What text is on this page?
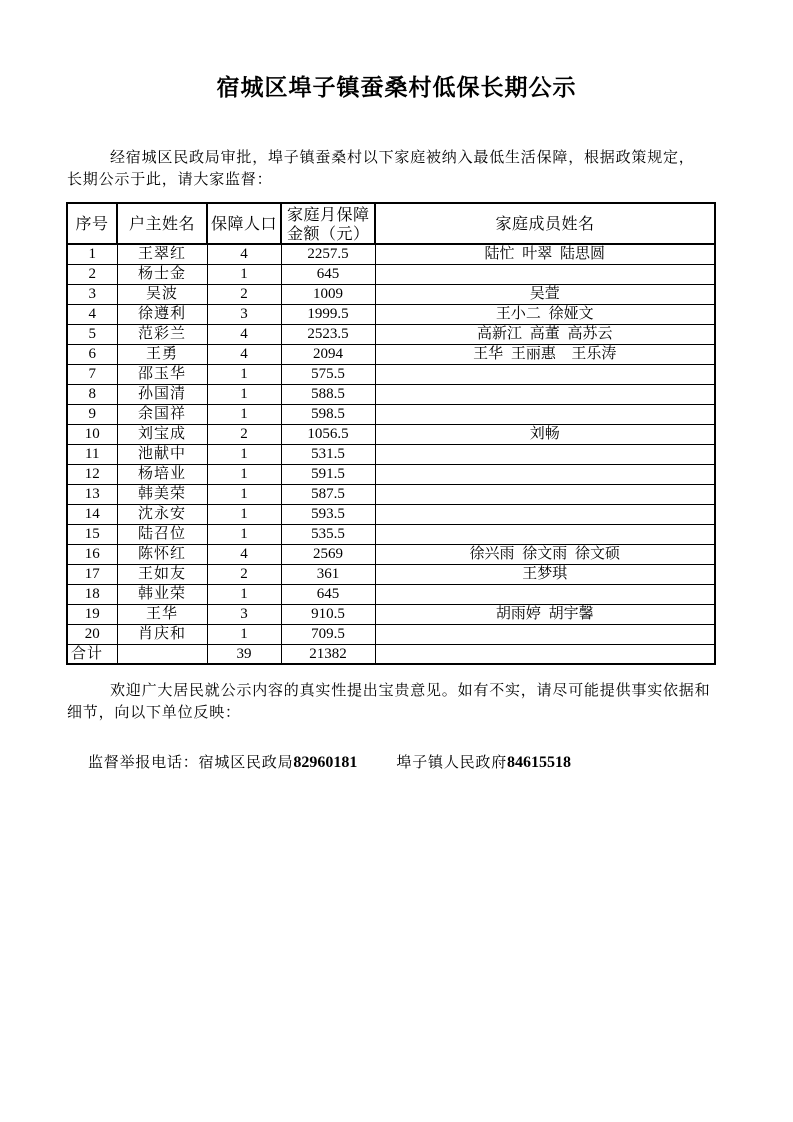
宿城区埠子镇蚕桑村低保长期公示
经宿城区民政局审批，埠子镇蚕桑村以下家庭被纳入最低生活保障，根据政策规定，
长期公示于此，请大家监督：
序号	户主姓名	保障人口	家庭月保障金额（元）	家庭成员姓名
1	王翠红	4	2257.5	陆忙 叶翠 陆思圆
2	杨士金	1	645	
3	吴波	2	1009	吴萱
4	徐遵利	3	1999.5	王小二 徐娅文
5	范彩兰	4	2523.5	高新江 高董 高苏云
6	王勇	4	2094	王华 王丽惠  王乐涛
7	邵玉华	1	575.5	
8	孙国清	1	588.5	
9	余国祥	1	598.5	
10	刘宝成	2	1056.5	刘畅
11	池献中	1	531.5	
12	杨培业	1	591.5	
13	韩美荣	1	587.5	
14	沈永安	1	593.5	
15	陆召位	1	535.5	
16	陈怀红	4	2569	徐兴雨 徐文雨 徐文硕
17	王如友	2	361	王梦琪
18	韩业荣	1	645	
19	王华	3	910.5	胡雨婷 胡宇馨
20	肖庆和	1	709.5	
合计		39	21382	
欢迎广大居民就公示内容的真实性提出宝贵意见。如有不实，请尽可能提供事实依据和
细节，向以下单位反映：
监督举报电话：宿城区民政局82960181	埠子镇人民政府84615518
